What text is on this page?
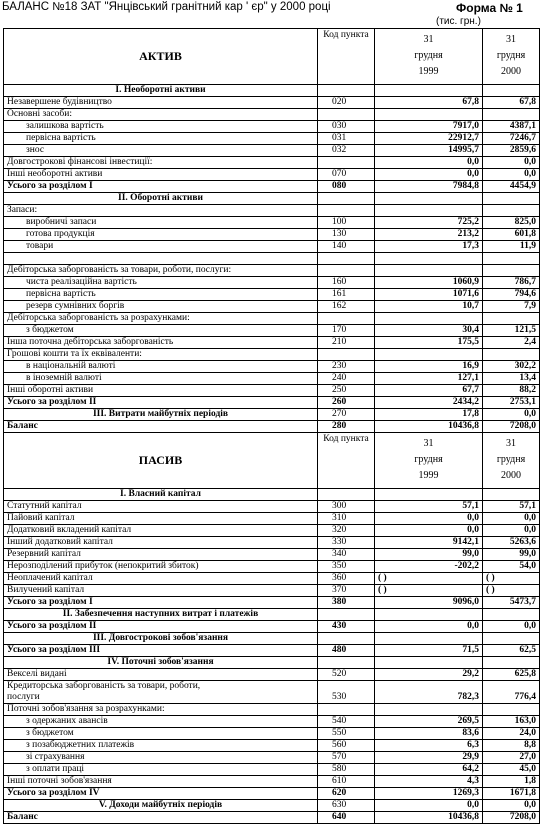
БАЛАНС №18 ЗАТ "Янцівський гранітний кар ' єр" у 2000 році	Форма № 1
(тис. грн.)
АКТИВ	Код пункта	31
грудня
1999	31
грудня
2000
I. Необоротні активи			
Незавершене будівництво	020	67,8	67,8
Основні засоби:			
залишкова вартість	030	7917,0	4387,1
первісна вартість	031	22912,7	7246,7
знос	032	14995,7	2859,6
Довгострокові фінансові інвестиції:		0,0	0,0
Інші необоротні активи	070	0,0	0,0
Усього за розділом I	080	7984,8	4454,9
II. Оборотні активи			
Запаси:			
виробничі запаси	100	725,2	825,0
готова продукція	130	213,2	601,8
товари	140	17,3	11,9

Дебіторська заборгованість за товари, роботи, послуги:			
чиста реалізаційна вартість	160	1060,9	786,7
первісна вартість	161	1071,6	794,6
резерв сумнівних боргів	162	10,7	7,9
Дебіторська заборгованість за розрахунками:			
з бюджетом	170	30,4	121,5
Інша поточна дебіторська заборгованість	210	175,5	2,4
Грошові кошти та їх еквіваленти:			
в національній валюті	230	16,9	302,2
в іноземній валюті	240	127,1	13,4
Інші оборотні активи	250	67,7	88,2
Усього за розділом II	260	2434,2	2753,1
III. Витрати майбутніх періодів	270	17,8	0,0
Баланс	280	10436,8	7208,0
ПАСИВ	Код пункта	31
грудня
1999	31
грудня
2000
I. Власний капітал			
Статутний капітал	300	57,1	57,1
Пайовий капітал	310	0,0	0,0
Додатковий вкладений капітал	320	0,0	0,0
Інший додатковий капітал	330	9142,1	5263,6
Резервний капітал	340	99,0	99,0
Нерозподілений прибуток (непокритий збиток)	350	-202,2	54,0
Неоплачений капітал	360	( )	( )
Вилучений капітал	370	( )	( )
Усього за розділом I	380	9096,0	5473,7
II. Забезпечення наступних витрат і платежів			
Усього за розділом II	430	0,0	0,0
III. Довгострокові зобов'язання			
Усього за розділом III	480	71,5	62,5
IV. Поточні зобов'язання			
Векселі видані	520	29,2	625,8
Кредиторська заборгованість за товари, роботи,
послуги	530	782,3	776,4
Поточні зобов'язання за розрахунками:			
з одержаних авансів	540	269,5	163,0
з бюджетом	550	83,6	24,0
з позабюджетних платежів	560	6,3	8,8
зі страхування	570	29,9	27,0
з оплати праці	580	64,2	45,0
Інші поточні зобов'язання	610	4,3	1,8
Усього за розділом IV	620	1269,3	1671,8
V. Доходи майбутніх періодів	630	0,0	0,0
Баланс	640	10436,8	7208,0
